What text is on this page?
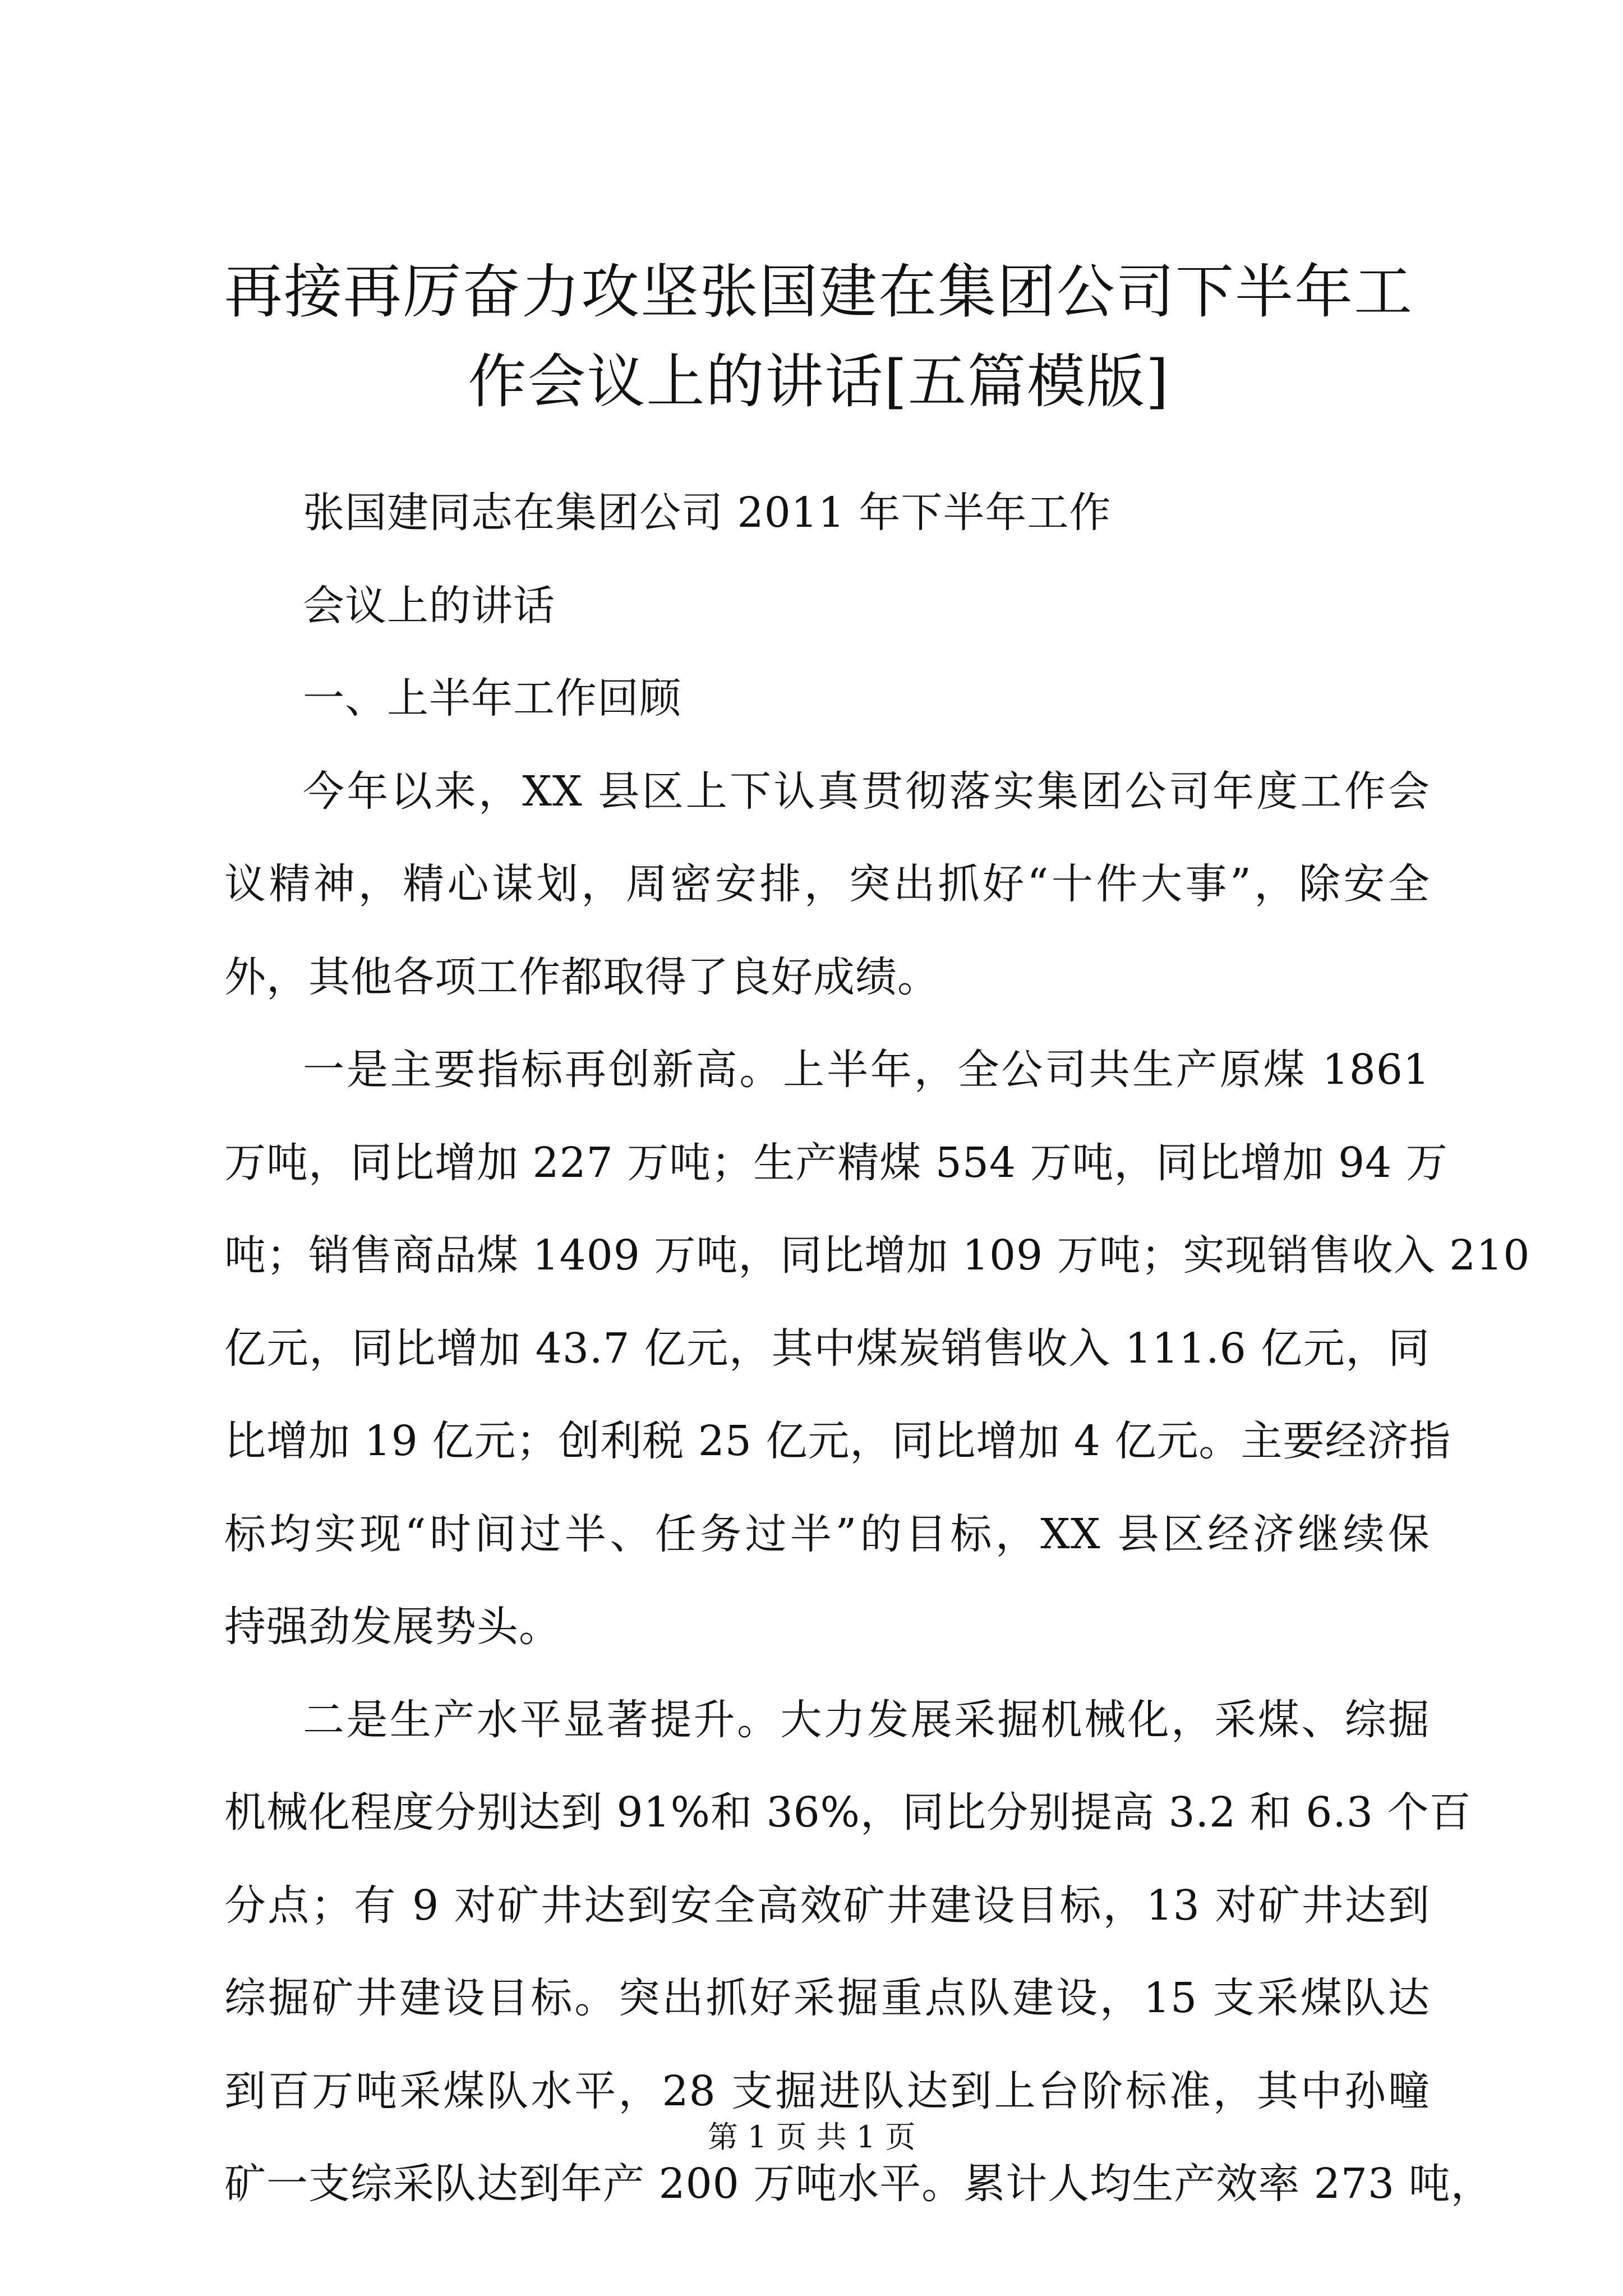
再接再厉奋力攻坚张国建在集团公司下半年工
作会议上的讲话[五篇模版]
张国建同志在集团公司 2011 年下半年工作
会议上的讲话
一、上半年工作回顾
今年以来，XX 县区上下认真贯彻落实集团公司年度工作会
议精神，精心谋划，周密安排，突出抓好“十件大事”，除安全
外，其他各项工作都取得了良好成绩。
一是主要指标再创新高。上半年，全公司共生产原煤 1861
万吨，同比增加 227 万吨；生产精煤 554 万吨，同比增加 94 万
吨；销售商品煤 1409 万吨，同比增加 109 万吨；实现销售收入 210
亿元，同比增加 43.7 亿元，其中煤炭销售收入 111.6 亿元，同
比增加 19 亿元；创利税 25 亿元，同比增加 4 亿元。主要经济指
标均实现“时间过半、任务过半”的目标，XX 县区经济继续保
持强劲发展势头。
二是生产水平显著提升。大力发展采掘机械化，采煤、综掘
机械化程度分别达到 91%和 36%，同比分别提高 3.2 和 6.3 个百
分点；有 9 对矿井达到安全高效矿井建设目标，13 对矿井达到
综掘矿井建设目标。突出抓好采掘重点队建设，15 支采煤队达
到百万吨采煤队水平，28 支掘进队达到上台阶标准，其中孙疃
矿一支综采队达到年产 200 万吨水平。累计人均生产效率 273 吨，
第 1 页 共 1 页
